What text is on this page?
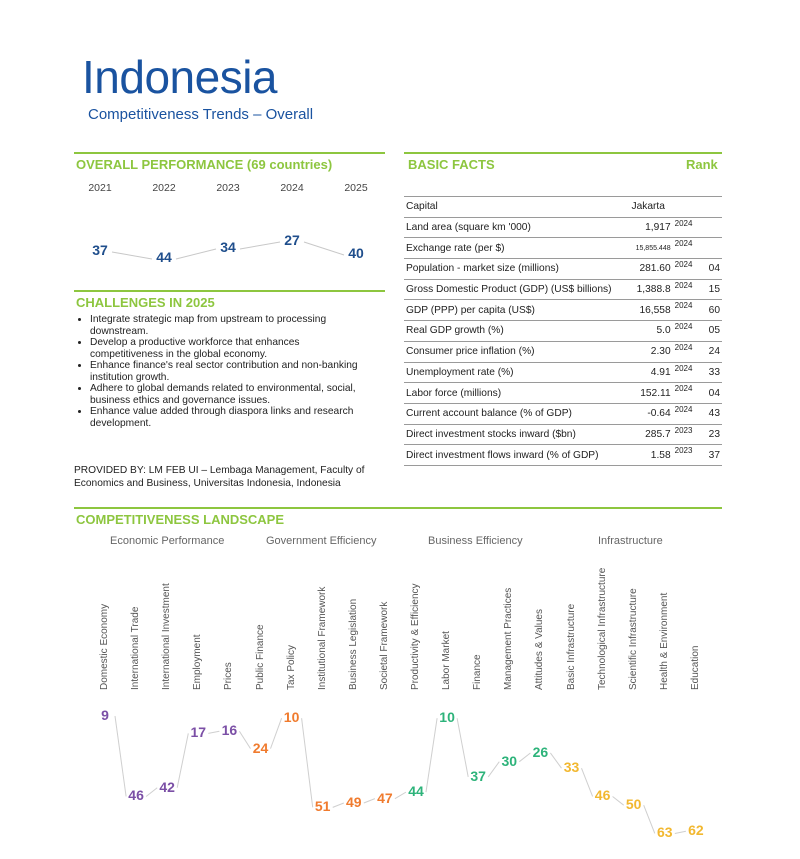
Indonesia
Competitiveness Trends – Overall
OVERALL PERFORMANCE (69 countries)
2021	2022	2023	2024	2025
37	44
34	27
40
CHALLENGES IN 2025
• Integrate strategic map from upstream to processing downstream.
• Develop a productive workforce that enhances competitiveness in the global economy.
• Enhance finance's real sector contribution and non-banking institution growth.
• Adhere to global demands related to environmental, social, business ethics and governance issues.
• Enhance value added through diaspora links and research development.
PROVIDED BY: LM FEB UI – Lembaga Management, Faculty of Economics and Business, Universitas Indonesia, Indonesia
BASIC FACTS	Rank
Capital	Jakarta		
Land area (square km '000)	1,917	2024	
Exchange rate (per $)	15,855.448	2024	
Population - market size (millions)	281.60	2024	04
Gross Domestic Product (GDP) (US$ billions)	1,388.8	2024	15
GDP (PPP) per capita (US$)	16,558	2024	60
Real GDP growth (%)	5.0	2024	05
Consumer price inflation (%)	2.30	2024	24
Unemployment rate (%)	4.91	2024	33
Labor force (millions)	152.11	2024	04
Current account balance (% of GDP)	-0.64	2024	43
Direct investment stocks inward ($bn)	285.7	2023	23
Direct investment flows inward (% of GDP)	1.58	2023	37
COMPETITIVENESS LANDSCAPE
Economic Performance
Domestic Economy International Trade International Investment Employment Prices
Government Efficiency
Public Finance Tax Policy Institutional Framework Business Legislation Societal Framework
Business Efficiency
Productivity & Efficiency Labor Market Finance Management Practices Attitudes & Values
Infrastructure
Basic Infrastructure Technological Infrastructure Scientific Infrastructure Health & Environment Education
9
46
42
17	16
24
10
51	49	47	44
10
37
30
26
33
46
50
63	62
